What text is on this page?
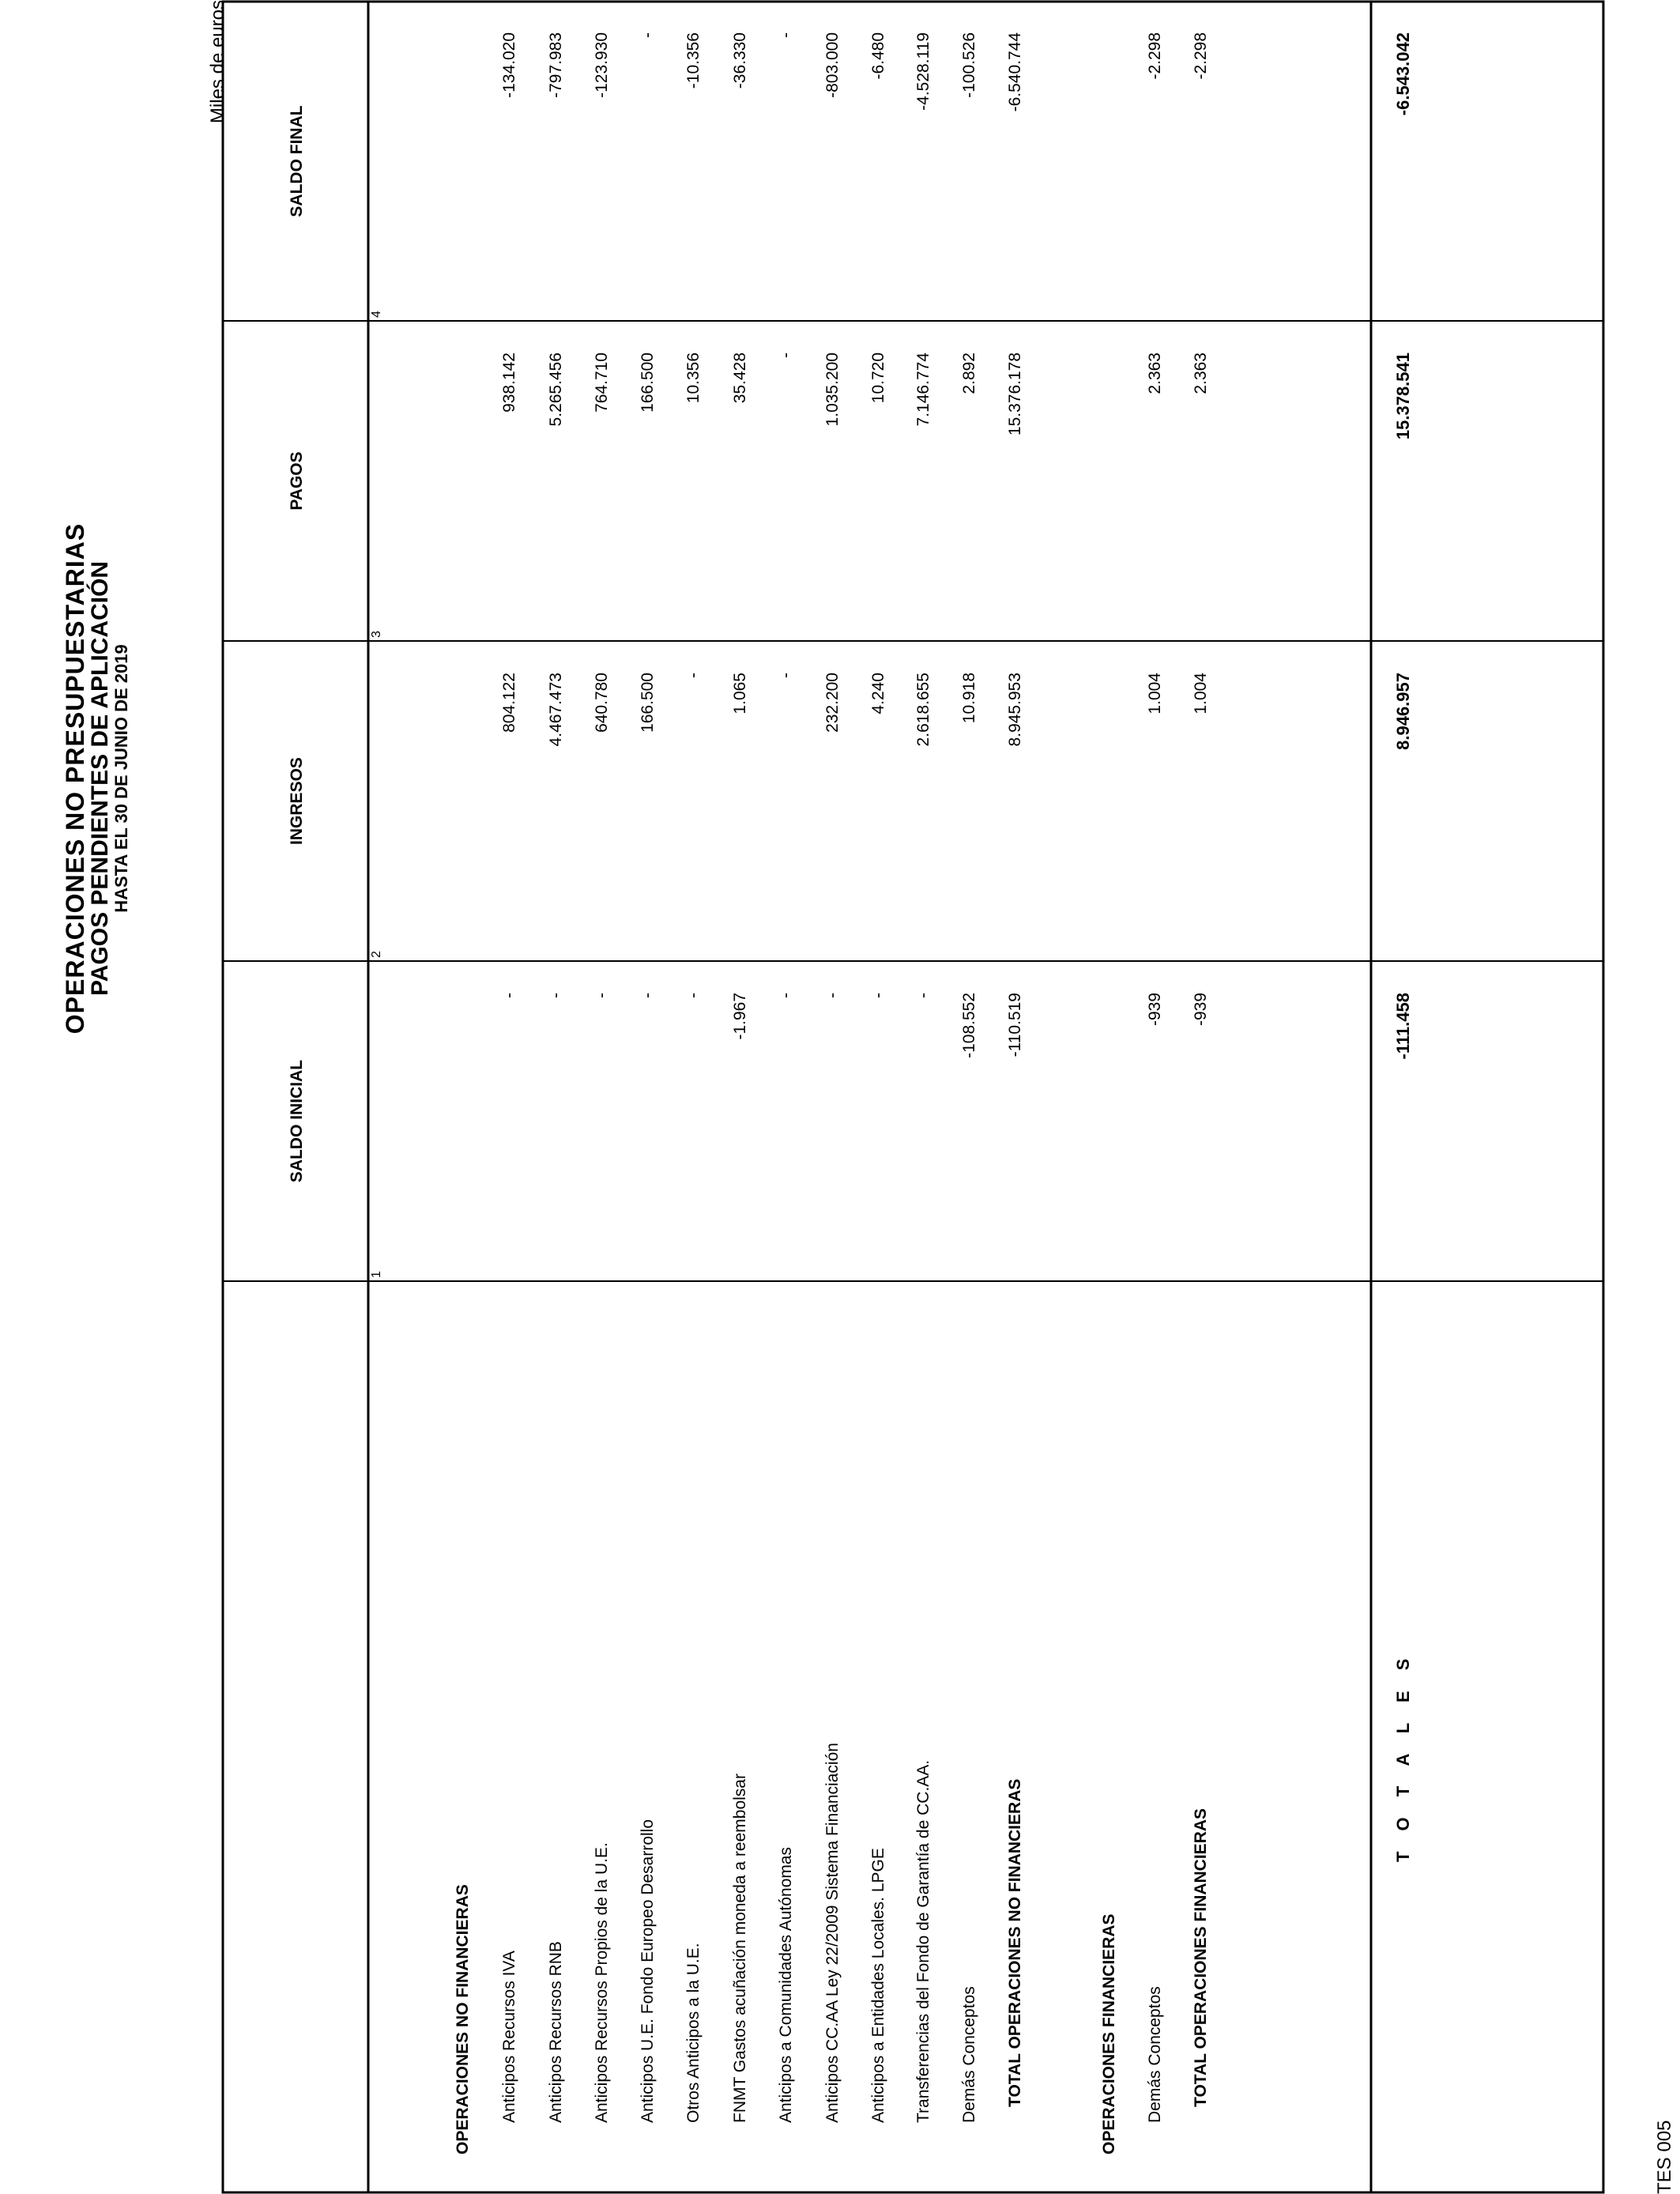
OPERACIONES NO PRESUPUESTARIAS
PAGOS PENDIENTES DE APLICACIÓN
HASTA EL 30 DE JUNIO DE 2019
Miles de euros
TES 005
SALDO INICIAL
INGRESOS
PAGOS
SALDO FINAL
1
2
3
4
OPERACIONES NO FINANCIERAS Anticipos Recursos IVA
-
804.122
938.142
-134.020
Anticipos Recursos RNB
-
4.467.473
5.265.456
-797.983
Anticipos Recursos Propios de la U.E.
-
640.780
764.710
-123.930
Anticipos U.E. Fondo Europeo Desarrollo
-
166.500
166.500
-
Otros Anticipos a la U.E.
-
-
10.356
-10.356
FNMT Gastos acuñación moneda a reembolsar
-1.967
1.065
35.428
-36.330
Anticipos a Comunidades Autónomas
-
-
-
-
Anticipos CC.AA Ley 22/2009 Sistema Financiación
-
232.200
1.035.200
-803.000
Anticipos a Entidades Locales. LPGE
-
4.240
10.720
-6.480
Transferencias del Fondo de Garantía de CC.AA.
-
2.618.655
7.146.774
-4.528.119
Demás Conceptos
-108.552
10.918
2.892
-100.526
TOTAL OPERACIONES NO FINANCIERAS
-110.519
8.945.953
15.376.178
-6.540.744
OPERACIONES FINANCIERAS Demás Conceptos
-939
1.004
2.363
-2.298
TOTAL OPERACIONES FINANCIERAS
-939
1.004
2.363
-2.298
T O T A L E S
-111.458
8.946.957
15.378.541
-6.543.042
